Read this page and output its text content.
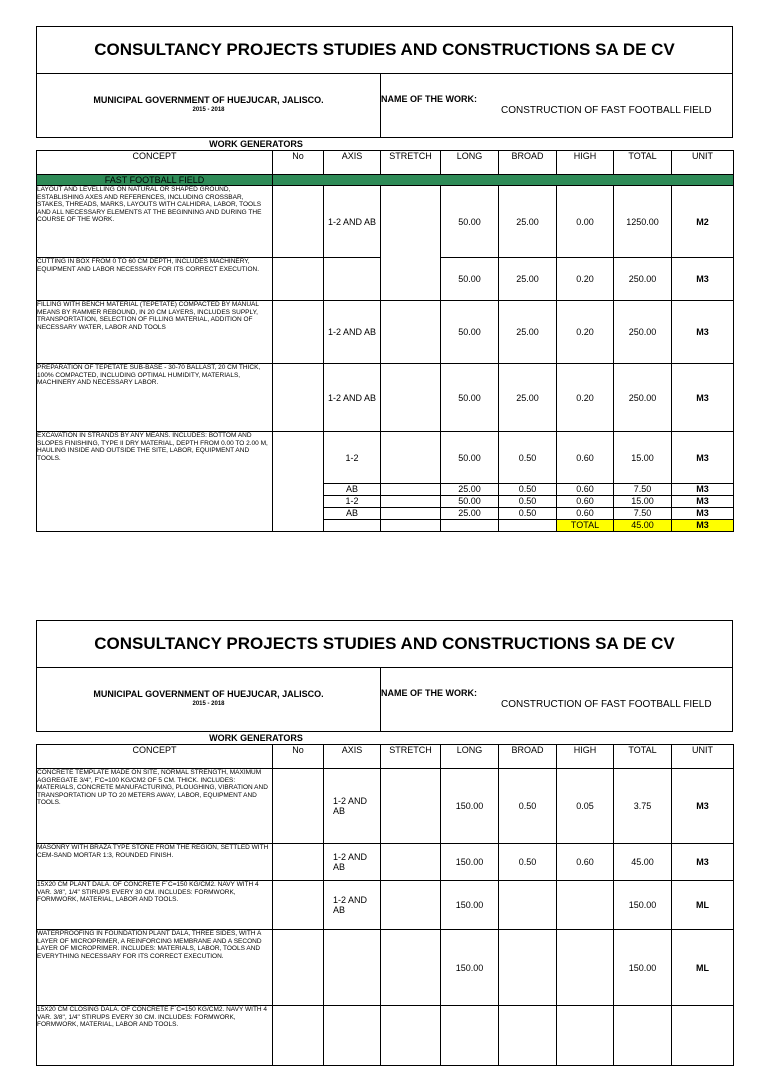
CONSULTANCY PROJECTS STUDIES AND CONSTRUCTIONS SA DE CV
MUNICIPAL GOVERNMENT OF HUEJUCAR, JALISCO.
2015 - 2018
NAME OF THE WORK:
CONSTRUCTION OF FAST FOOTBALL FIELD
WORK GENERATORS
CONCEPT	No	AXIS	STRETCH	LONG	BROAD	HIGH	TOTAL	UNIT
FAST FOOTBALL FIELD								
LAYOUT AND LEVELLING ON NATURAL OR SHAPED GROUND, ESTABLISHING AXES AND REFERENCES, INCLUDING CROSSBAR, STAKES, THREADS, MARKS, LAYOUTS WITH CALHIDRA, LABOR, TOOLS AND ALL NECESSARY ELEMENTS AT THE BEGINNING AND DURING THE COURSE OF THE WORK.		1-2 AND AB		50.00	25.00	0.00	1250.00	M2
CUTTING IN BOX FROM 0 TO 60 CM DEPTH, INCLUDES MACHINERY, EQUIPMENT AND LABOR NECESSARY FOR ITS CORRECT EXECUTION.				50.00	25.00	0.20	250.00	M3
FILLING WITH BENCH MATERIAL (TEPETATE) COMPACTED BY MANUAL MEANS BY RAMMER REBOUND, IN 20 CM LAYERS, INCLUDES SUPPLY, TRANSPORTATION, SELECTION OF FILLING MATERIAL, ADDITION OF NECESSARY WATER, LABOR AND TOOLS		1-2 AND AB		50.00	25.00	0.20	250.00	M3
PREPARATION OF TEPETATE SUB-BASE - 30-70 BALLAST, 20 CM THICK, 100% COMPACTED, INCLUDING OPTIMAL HUMIDITY, MATERIALS, MACHINERY AND NECESSARY LABOR.		1-2 AND AB		50.00	25.00	0.20	250.00	M3
EXCAVATION IN STRANDS BY ANY MEANS. INCLUDES: BOTTOM AND SLOPES FINISHING, TYPE II DRY MATERIAL, DEPTH FROM 0.00 TO 2.00 M, HAULING INSIDE AND OUTSIDE THE SITE, LABOR, EQUIPMENT AND TOOLS.		1-2		50.00	0.50	0.60	15.00	M3
		AB		25.00	0.50	0.60	7.50	M3
		1-2		50.00	0.50	0.60	15.00	M3
		AB		25.00	0.50	0.60	7.50	M3
						TOTAL	45.00	M3
CONSULTANCY PROJECTS STUDIES AND CONSTRUCTIONS SA DE CV
MUNICIPAL GOVERNMENT OF HUEJUCAR, JALISCO.
2015 - 2018
NAME OF THE WORK:
CONSTRUCTION OF FAST FOOTBALL FIELD
WORK GENERATORS
CONCEPT	No	AXIS	STRETCH	LONG	BROAD	HIGH	TOTAL	UNIT
CONCRETE TEMPLATE MADE ON SITE, NORMAL STRENGTH, MAXIMUM AGGREGATE 3/4", F'C=100 KG/CM2 OF 5 CM. THICK. INCLUDES: MATERIALS, CONCRETE MANUFACTURING, PLOUGHING, VIBRATION AND TRANSPORTATION UP TO 20 METERS AWAY, LABOR, EQUIPMENT AND TOOLS.		1-2 AND AB		150.00	0.50	0.05	3.75	M3
MASONRY WITH BRAZA TYPE STONE FROM THE REGION, SETTLED WITH CEM-SAND MORTAR 1:3, ROUNDED FINISH.		1-2 AND AB		150.00	0.50	0.60	45.00	M3
15X20 CM PLANT DALA. OF CONCRETE F´C=150 KG/CM2. NAVY WITH 4 VAR. 3/8", 1/4" STIRUPS EVERY 30 CM. INCLUDES: FORMWORK, FORMWORK, MATERIAL, LABOR AND TOOLS.		1-2 AND AB		150.00			150.00	ML
WATERPROOFING IN FOUNDATION PLANT DALA, THREE SIDES, WITH A LAYER OF MICROPRIMER, A REINFORCING MEMBRANE AND A SECOND LAYER OF MICROPRIMER. INCLUDES: MATERIALS, LABOR, TOOLS AND EVERYTHING NECESSARY FOR ITS CORRECT EXECUTION.				150.00			150.00	ML
15X20 CM CLOSING DALA. OF CONCRETE F´C=150 KG/CM2. NAVY WITH 4 VAR. 3/8", 1/4" STIRUPS EVERY 30 CM. INCLUDES: FORMWORK, FORMWORK, MATERIAL, LABOR AND TOOLS.								
